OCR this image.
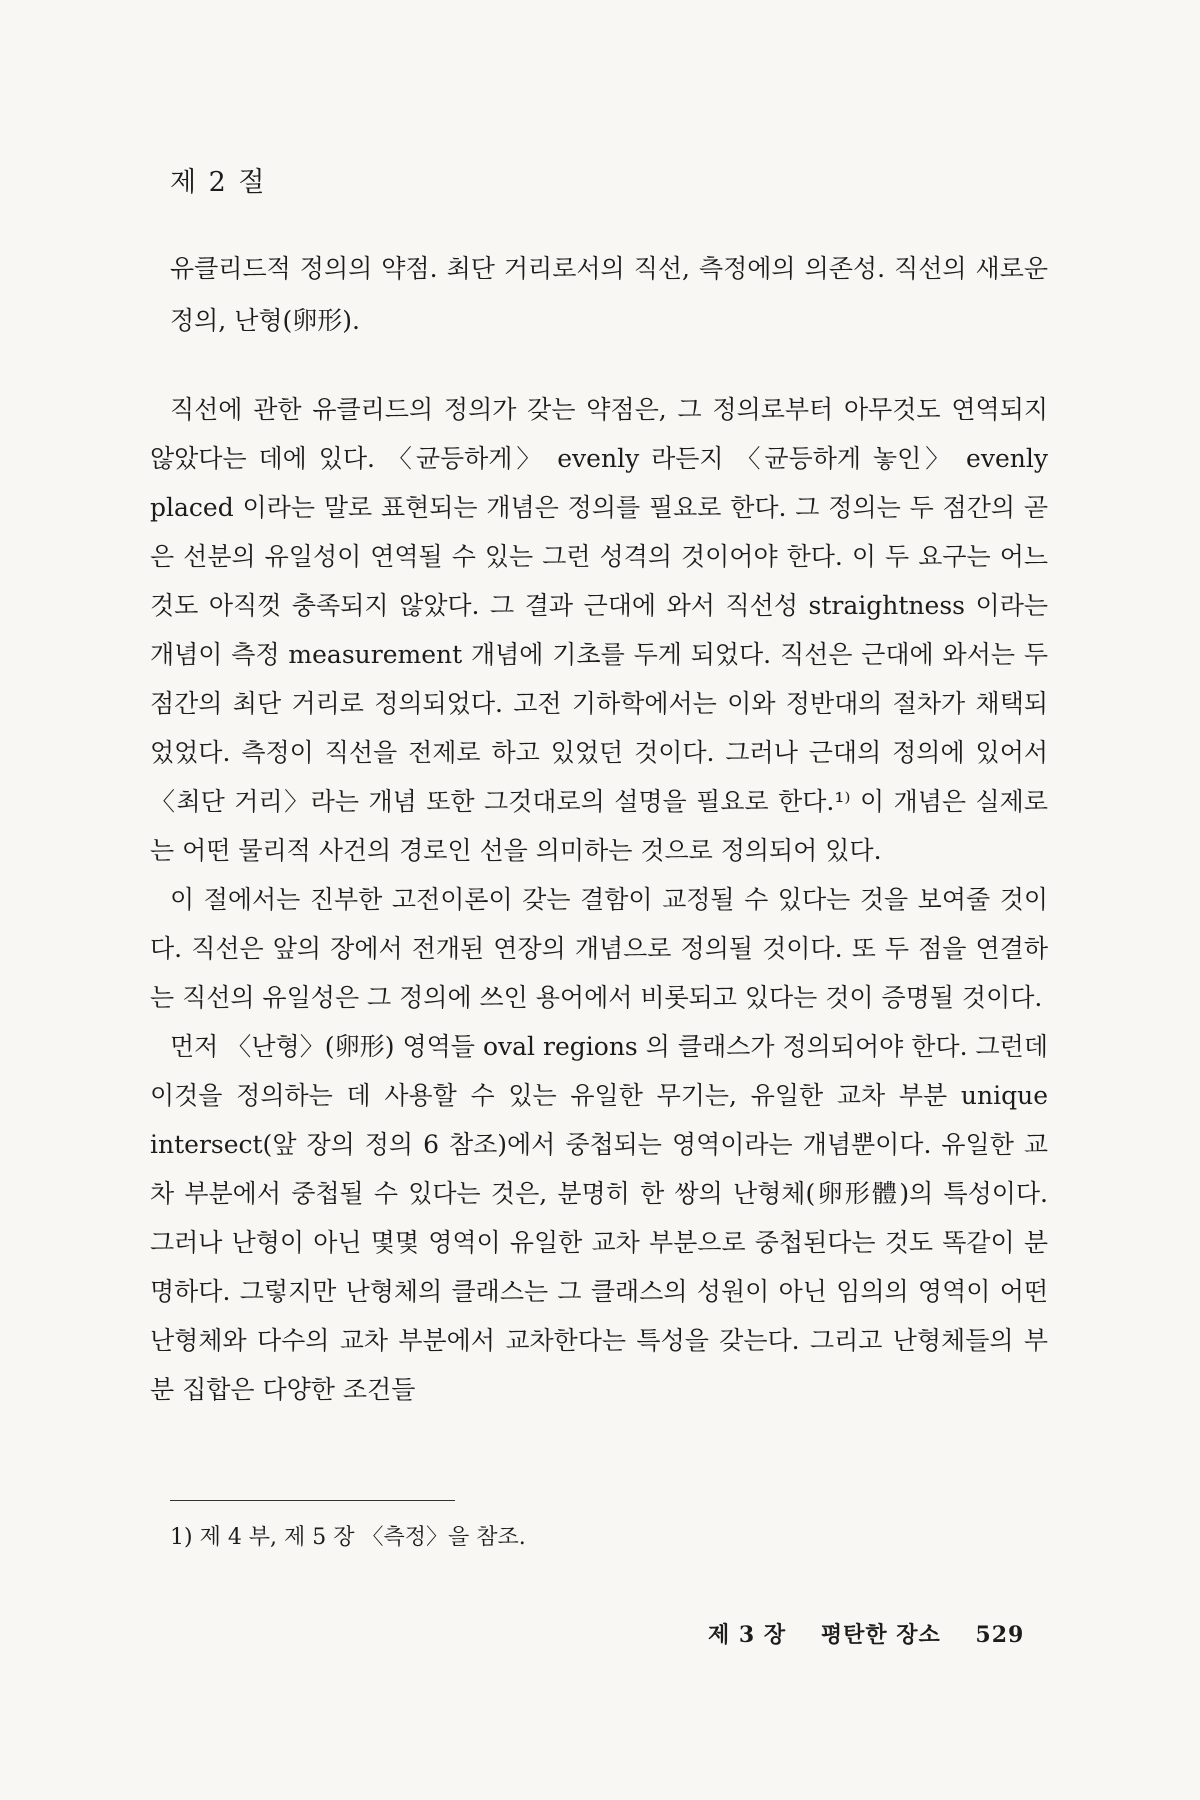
제 2 절

유클리드적 정의의 약점. 최단 거리로서의 직선, 측정에의 의존성. 직선의 새로운 정의, 난형(卵形).

직선에 관한 유클리드의 정의가 갖는 약점은, 그 정의로부터 아무것도 연역되지 않았다는 데에 있다. 〈균등하게〉 evenly 라든지 〈균등하게 놓인〉 evenly placed 이라는 말로 표현되는 개념은 정의를 필요로 한다. 그 정의는 두 점간의 곧은 선분의 유일성이 연역될 수 있는 그런 성격의 것이어야 한다. 이 두 요구는 어느 것도 아직껏 충족되지 않았다. 그 결과 근대에 와서 직선성 straightness 이라는 개념이 측정 measurement 개념에 기초를 두게 되었다. 직선은 근대에 와서는 두 점간의 최단 거리로 정의되었다. 고전 기하학에서는 이와 정반대의 절차가 채택되었었다. 측정이 직선을 전제로 하고 있었던 것이다. 그러나 근대의 정의에 있어서 〈최단 거리〉라는 개념 또한 그것대로의 설명을 필요로 한다.¹⁾ 이 개념은 실제로는 어떤 물리적 사건의 경로인 선을 의미하는 것으로 정의되어 있다.

이 절에서는 진부한 고전이론이 갖는 결함이 교정될 수 있다는 것을 보여줄 것이다. 직선은 앞의 장에서 전개된 연장의 개념으로 정의될 것이다. 또 두 점을 연결하는 직선의 유일성은 그 정의에 쓰인 용어에서 비롯되고 있다는 것이 증명될 것이다.

먼저 〈난형〉(卵形) 영역들 oval regions 의 클래스가 정의되어야 한다. 그런데 이것을 정의하는 데 사용할 수 있는 유일한 무기는, 유일한 교차 부분 unique intersect(앞 장의 정의 6 참조)에서 중첩되는 영역이라는 개념뿐이다. 유일한 교차 부분에서 중첩될 수 있다는 것은, 분명히 한 쌍의 난형체(卵形體)의 특성이다. 그러나 난형이 아닌 몇몇 영역이 유일한 교차 부분으로 중첩된다는 것도 똑같이 분명하다. 그렇지만 난형체의 클래스는 그 클래스의 성원이 아닌 임의의 영역이 어떤 난형체와 다수의 교차 부분에서 교차한다는 특성을 갖는다. 그리고 난형체들의 부분 집합은 다양한 조건들

1) 제 4 부, 제 5 장 〈측정〉을 참조.

제 3 장 평탄한 장소 529
